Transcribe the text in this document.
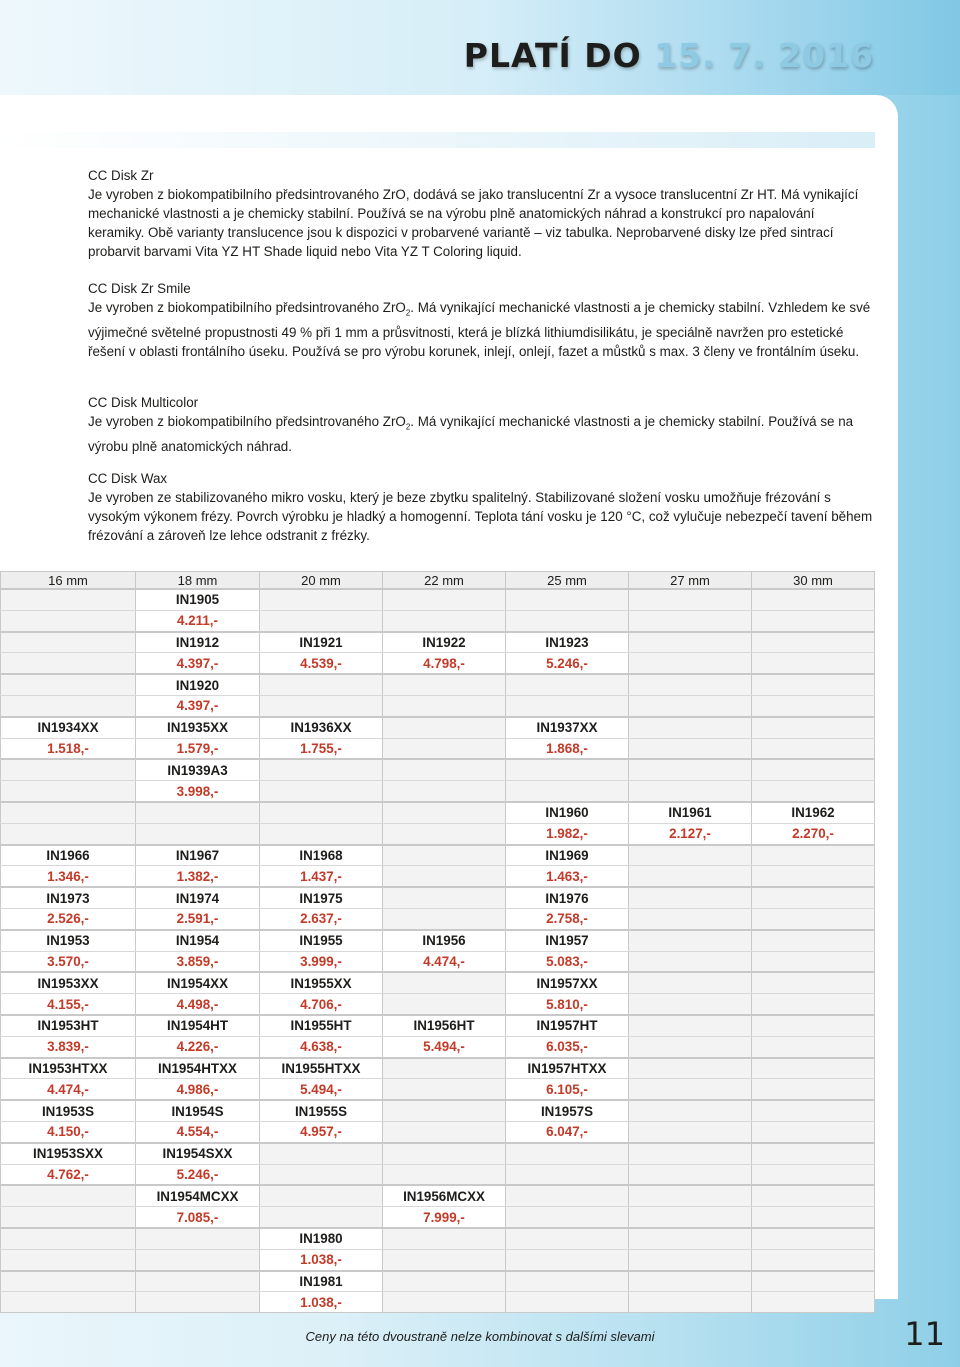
PLATÍ DO 15. 7. 2016
CC Disk Zr

Je vyroben z biokompatibilního předsintrovaného ZrO, dodává se jako translucentní Zr a vysoce translucentní Zr HT. Má vynikající mechanické vlastnosti a je chemicky stabilní. Používá se na výrobu plně anatomických náhrad a konstrukcí pro napalování keramiky. Obě varianty translucence jsou k dispozici v probarvené variantě – viz tabulka. Neprobarvené disky lze před sintrací probarvit barvami Vita YZ HT Shade liquid nebo Vita YZ T Coloring liquid.

CC Disk Zr Smile

Je vyroben z biokompatibilního předsintrovaného ZrO$_2$. Má vynikající mechanické vlastnosti a je chemicky stabilní. Vzhledem ke své výjimečné světelné propustnosti 49 % při 1 mm a průsvitnosti, která je blízká lithiumdisilikátu, je speciálně navržen pro estetické řešení v oblasti frontálního úseku. Používá se pro výrobu korunek, inlejí, onlejí, fazet a můstků s max. 3 členy ve frontálním úseku.

CC Disk Multicolor

Je vyroben z biokompatibilního předsintrovaného ZrO$_2$. Má vynikající mechanické vlastnosti a je chemicky stabilní. Používá se na výrobu plně anatomických náhrad.

CC Disk Wax

Je vyroben ze stabilizovaného mikro vosku, který je beze zbytku spalitelný. Stabilizované složení vosku umožňuje frézování s vysokým výkonem frézy. Povrch výrobku je hladký a homogenní. Teplota tání vosku je 120 °C, což vylučuje nebezpečí tavení během frézování a zároveň lze lehce odstranit z frézky.

16 mm	18 mm	20 mm	22 mm	25 mm	27 mm	30 mm
	IN1905					
	4.211,-					
	IN1912	IN1921	IN1922	IN1923		
	4.397,-	4.539,-	4.798,-	5.246,-		
	IN1920					
	4.397,-					
IN1934XX	IN1935XX	IN1936XX		IN1937XX		
1.518,-	1.579,-	1.755,-		1.868,-		
	IN1939A3					
	3.998,-					
				IN1960	IN1961	IN1962
				1.982,-	2.127,-	2.270,-
IN1966	IN1967	IN1968		IN1969		
1.346,-	1.382,-	1.437,-		1.463,-		
IN1973	IN1974	IN1975		IN1976		
2.526,-	2.591,-	2.637,-		2.758,-		
IN1953	IN1954	IN1955	IN1956	IN1957		
3.570,-	3.859,-	3.999,-	4.474,-	5.083,-		
IN1953XX	IN1954XX	IN1955XX		IN1957XX		
4.155,-	4.498,-	4.706,-		5.810,-		
IN1953HT	IN1954HT	IN1955HT	IN1956HT	IN1957HT		
3.839,-	4.226,-	4.638,-	5.494,-	6.035,-		
IN1953HTXX	IN1954HTXX	IN1955HTXX		IN1957HTXX		
4.474,-	4.986,-	5.494,-		6.105,-		
IN1953S	IN1954S	IN1955S		IN1957S		
4.150,-	4.554,-	4.957,-		6.047,-		
IN1953SXX	IN1954SXX					
4.762,-	5.246,-					
	IN1954MCXX		IN1956MCXX			
	7.085,-		7.999,-			
		IN1980				
		1.038,-				
		IN1981				
		1.038,-				
Ceny na této dvoustraně nelze kombinovat s dalšími slevami	11
